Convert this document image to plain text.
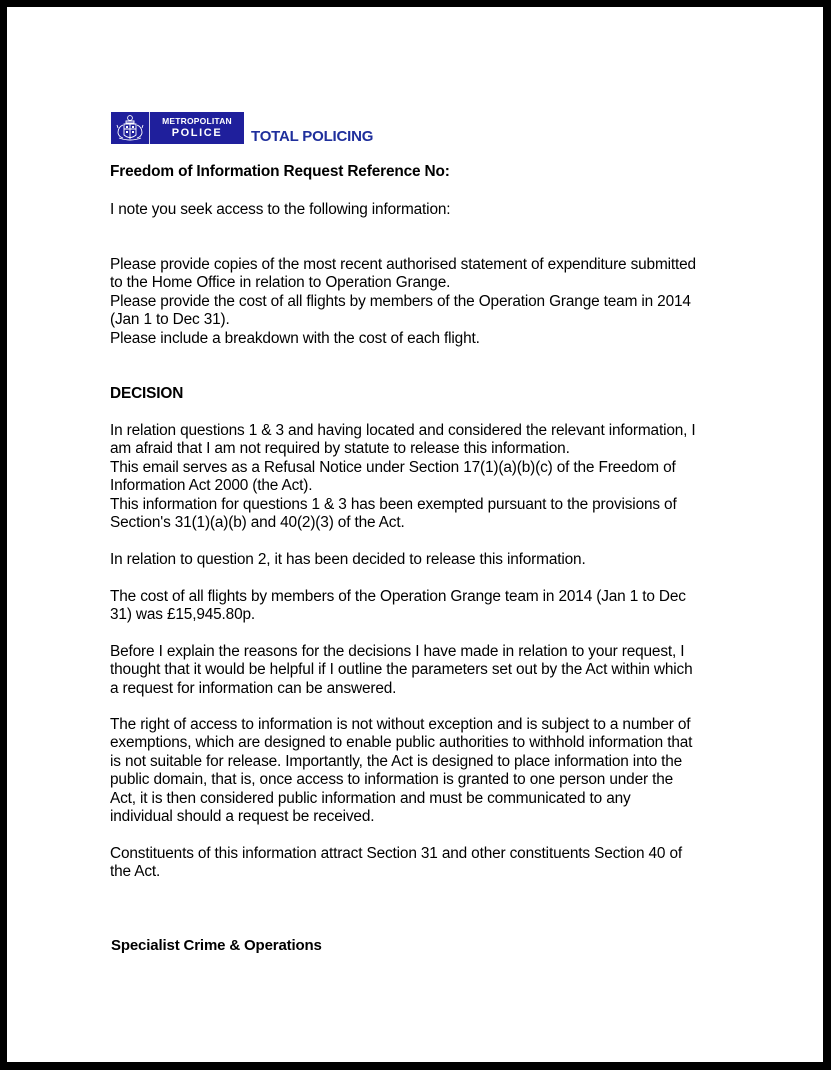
METROPOLITAN
POLICE TOTAL POLICING
Freedom of Information Request Reference No:
I note you seek access to the following information:
Please provide copies of the most recent authorised statement of expenditure submitted
to the Home Office in relation to Operation Grange.
Please provide the cost of all flights by members of the Operation Grange team in 2014
(Jan 1 to Dec 31).
Please include a breakdown with the cost of each flight.
DECISION
In relation questions 1 & 3 and having located and considered the relevant information, I
am afraid that I am not required by statute to release this information.
This email serves as a Refusal Notice under Section 17(1)(a)(b)(c) of the Freedom of
Information Act 2000 (the Act).
This information for questions 1 & 3 has been exempted pursuant to the provisions of
Section's 31(1)(a)(b) and 40(2)(3) of the Act.
In relation to question 2, it has been decided to release this information.
The cost of all flights by members of the Operation Grange team in 2014 (Jan 1 to Dec
31) was £15,945.80p.
Before I explain the reasons for the decisions I have made in relation to your request, I
thought that it would be helpful if I outline the parameters set out by the Act within which
a request for information can be answered.
The right of access to information is not without exception and is subject to a number of
exemptions, which are designed to enable public authorities to withhold information that
is not suitable for release. Importantly, the Act is designed to place information into the
public domain, that is, once access to information is granted to one person under the
Act, it is then considered public information and must be communicated to any
individual should a request be received.
Constituents of this information attract Section 31 and other constituents Section 40 of
the Act.
Specialist Crime & Operations
